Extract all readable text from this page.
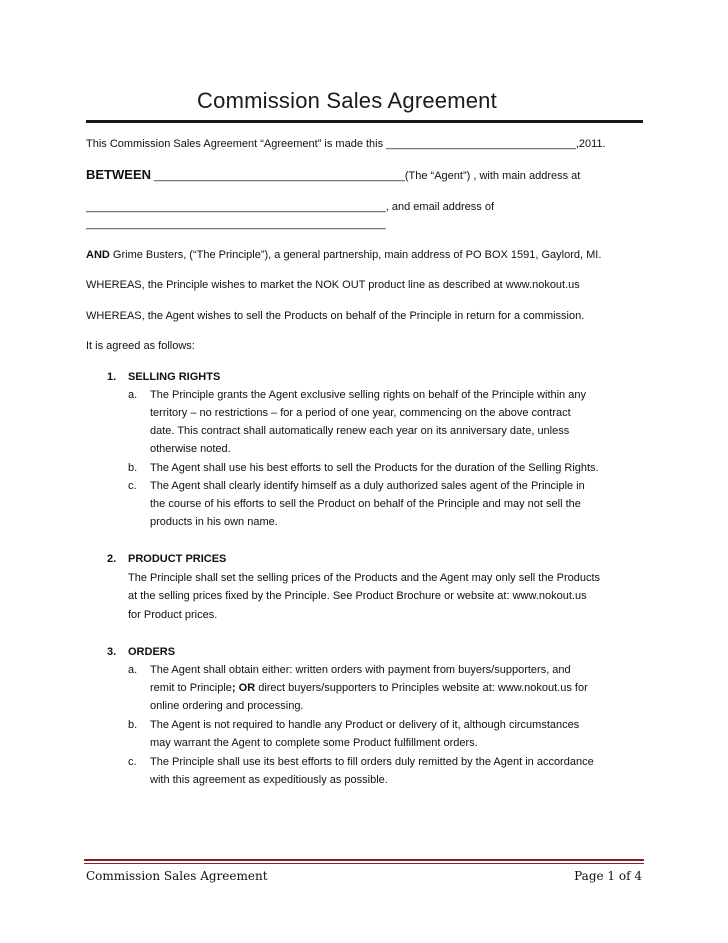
Commission Sales Agreement
This Commission Sales Agreement “Agreement” is made this _______________________________,2011.
BETWEEN _________________________________________(The “Agent”) , with main address at
_________________________________________________, and email address of
_________________________________________________
AND Grime Busters, (“The Principle”), a general partnership, main address of PO BOX 1591, Gaylord, MI.
WHEREAS, the Principle wishes to market the NOK OUT product line as described at www.nokout.us
WHEREAS, the Agent wishes to sell the Products on behalf of the Principle in return for a commission.
It is agreed as follows:
1. SELLING RIGHTS
a. The Principle grants the Agent exclusive selling rights on behalf of the Principle within any
territory – no restrictions – for a period of one year, commencing on the above contract
date. This contract shall automatically renew each year on its anniversary date, unless
otherwise noted.
b. The Agent shall use his best efforts to sell the Products for the duration of the Selling Rights.
c. The Agent shall clearly identify himself as a duly authorized sales agent of the Principle in
the course of his efforts to sell the Product on behalf of the Principle and may not sell the
products in his own name.
2. PRODUCT PRICES
The Principle shall set the selling prices of the Products and the Agent may only sell the Products
at the selling prices fixed by the Principle. See Product Brochure or website at: www.nokout.us
for Product prices.
3. ORDERS
a. The Agent shall obtain either: written orders with payment from buyers/supporters, and
remit to Principle; OR direct buyers/supporters to Principles website at: www.nokout.us for
online ordering and processing.
b. The Agent is not required to handle any Product or delivery of it, although circumstances
may warrant the Agent to complete some Product fulfillment orders.
c. The Principle shall use its best efforts to fill orders duly remitted by the Agent in accordance
with this agreement as expeditiously as possible.
Commission Sales Agreement	Page 1 of 4
